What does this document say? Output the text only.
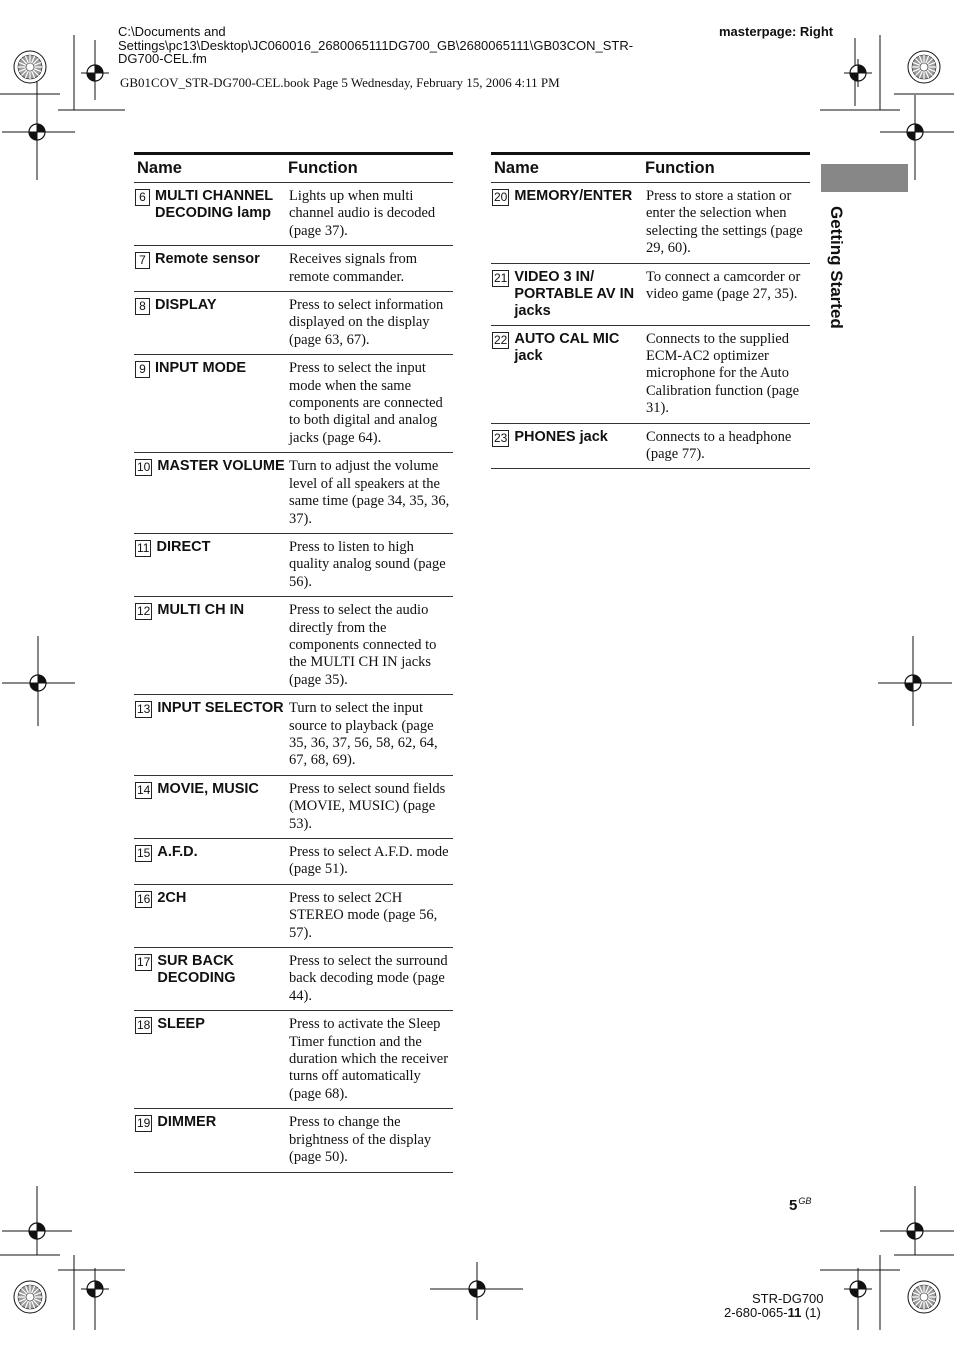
C:\Documents and
Settings\pc13\Desktop\JC060016_2680065111DG700_GB\2680065111\GB03CON_STR-
DG700-CEL.fm
masterpage: Right
GB01COV_STR-DG700-CEL.book Page 5 Wednesday, February 15, 2006 4:11 PM
Getting Started
Name	Function

6 MULTI CHANNEL DECODING lamp	Lights up when multi channel audio is decoded (page 37).

7 Remote sensor	Receives signals from remote commander.

8 DISPLAY	Press to select information displayed on the display (page 63, 67).

9 INPUT MODE	Press to select the input mode when the same components are connected to both digital and analog jacks (page 64).

10 MASTER VOLUME	Turn to adjust the volume level of all speakers at the same time (page 34, 35, 36, 37).

11 DIRECT	Press to listen to high quality analog sound (page 56).

12 MULTI CH IN	Press to select the audio directly from the components connected to the MULTI CH IN jacks (page 35).

13 INPUT SELECTOR	Turn to select the input source to playback (page 35, 36, 37, 56, 58, 62, 64, 67, 68, 69).

14 MOVIE, MUSIC	Press to select sound fields (MOVIE, MUSIC) (page 53).

15 A.F.D.	Press to select A.F.D. mode (page 51).

16 2CH	Press to select 2CH STEREO mode (page 56, 57).

17 SUR BACK DECODING	Press to select the surround back decoding mode (page 44).

18 SLEEP	Press to activate the Sleep Timer function and the duration which the receiver turns off automatically (page 68).

19 DIMMER	Press to change the brightness of the display (page 50).
Name	Function

20 MEMORY/ENTER	Press to store a station or enter the selection when selecting the settings (page 29, 60).

21 VIDEO 3 IN/ PORTABLE AV IN jacks	To connect a camcorder or video game (page 27, 35).

22 AUTO CAL MIC jack	Connects to the supplied ECM-AC2 optimizer microphone for the Auto Calibration function (page 31).

23 PHONES jack	Connects to a headphone (page 77).
$5^{GB}$
STR-DG700
2-680-065-11 (1)
